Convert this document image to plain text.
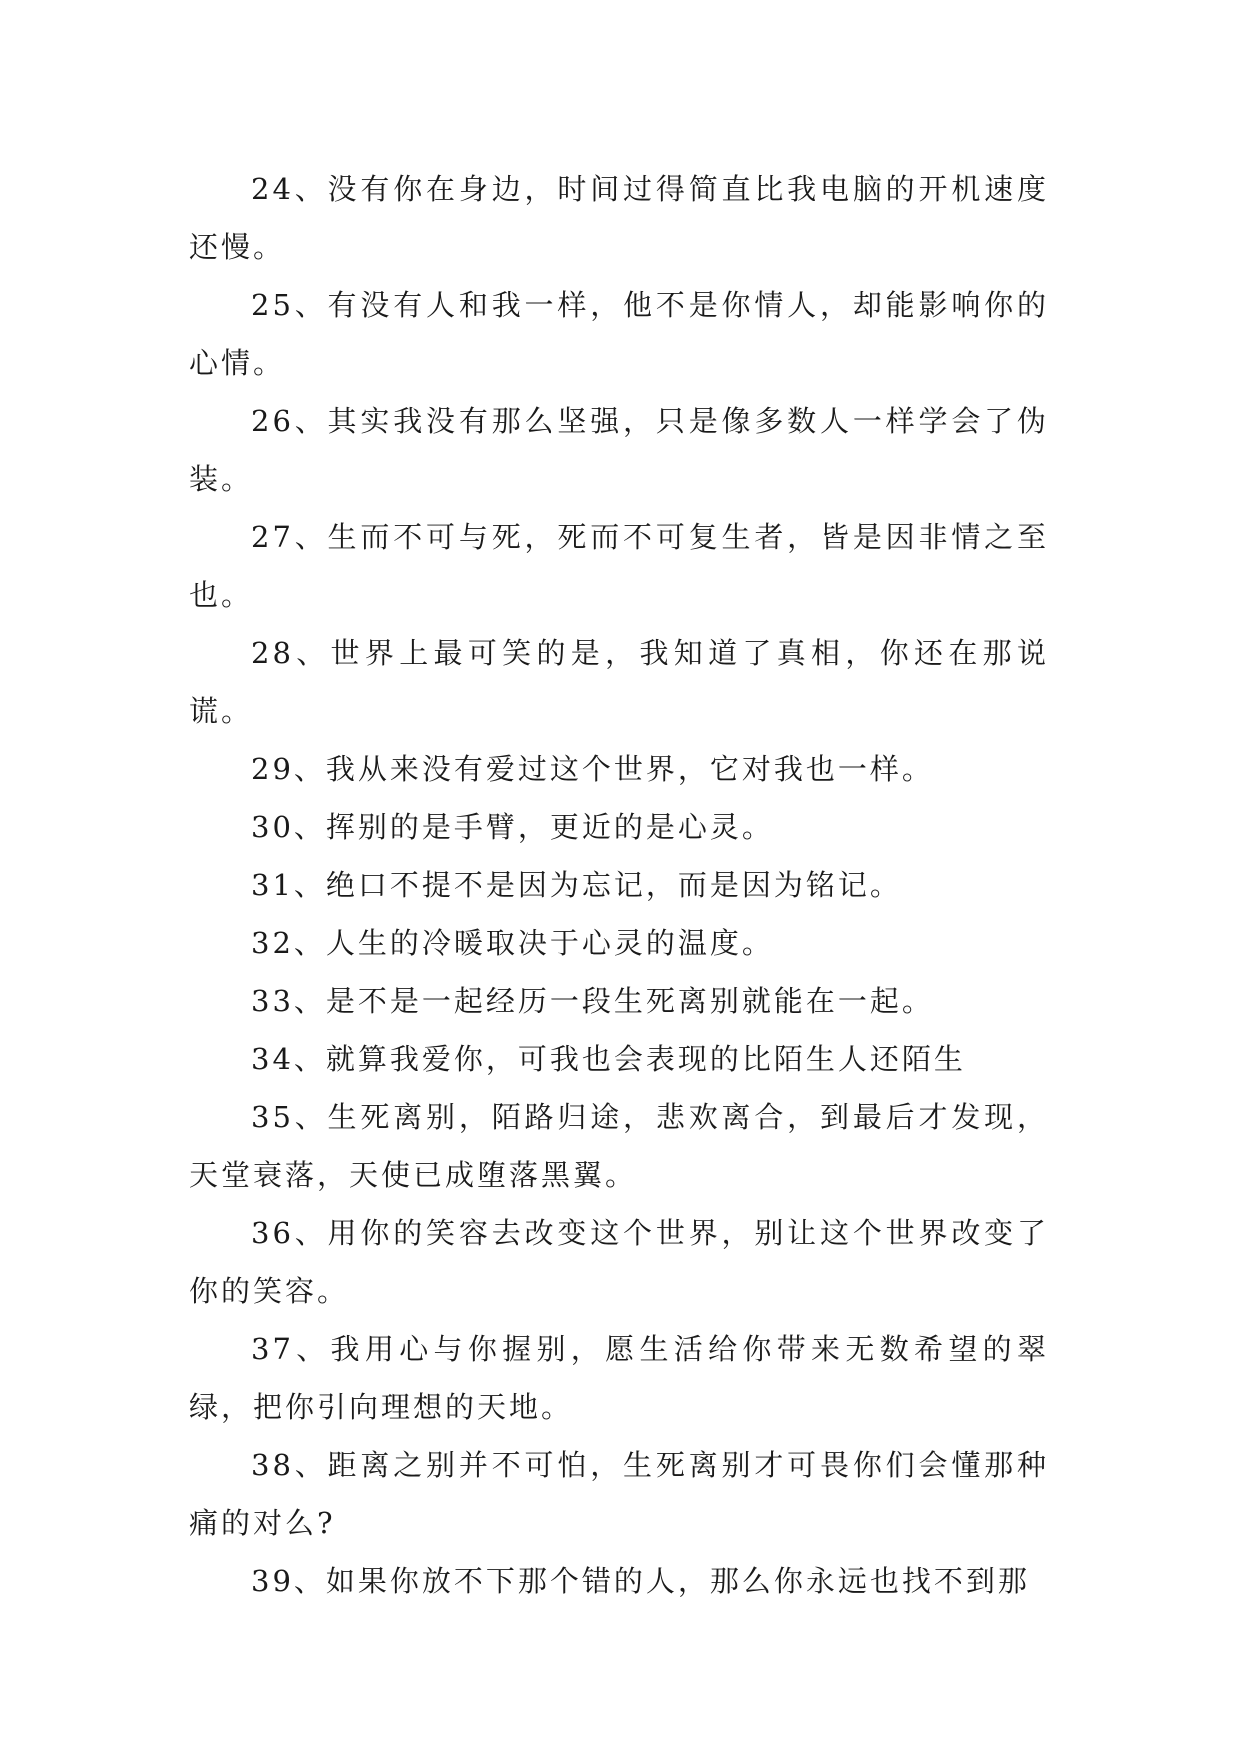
24、没有你在身边，时间过得简直比我电脑的开机速度还慢。

25、有没有人和我一样，他不是你情人，却能影响你的心情。

26、其实我没有那么坚强，只是像多数人一样学会了伪装。

27、生而不可与死，死而不可复生者，皆是因非情之至也。

28、世界上最可笑的是，我知道了真相，你还在那说谎。

29、我从来没有爱过这个世界，它对我也一样。

30、挥别的是手臂，更近的是心灵。

31、绝口不提不是因为忘记，而是因为铭记。

32、人生的冷暖取决于心灵的温度。

33、是不是一起经历一段生死离别就能在一起。

34、就算我爱你，可我也会表现的比陌生人还陌生

35、生死离别，陌路归途，悲欢离合，到最后才发现，天堂衰落，天使已成堕落黑翼。

36、用你的笑容去改变这个世界，别让这个世界改变了你的笑容。

37、我用心与你握别，愿生活给你带来无数希望的翠绿，把你引向理想的天地。

38、距离之别并不可怕，生死离别才可畏你们会懂那种痛的对么?

39、如果你放不下那个错的人，那么你永远也找不到那
